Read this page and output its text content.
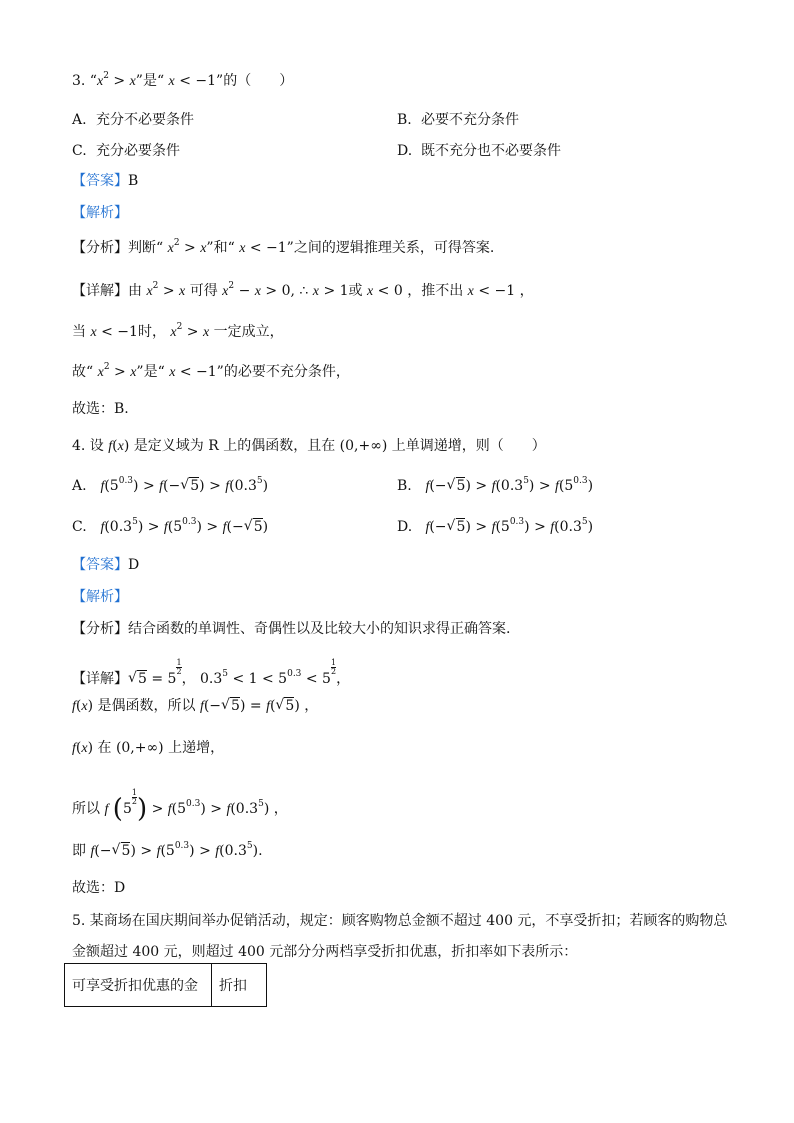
3. “$x^2 > x$”是“ x < −1”的（　　）
A. 充分不必要条件	B. 必要不充分条件
C. 充分必要条件	D. 既不充分也不必要条件
【答案】B
【解析】
【分析】判断“ $x^2 > x$”和“ x < −1”之间的逻辑推理关系，可得答案.
【详解】由 $x^2 > x$ 可得 $x^2 - x > 0$, ∴ x > 1或 x < 0 ，推不出 x < −1 ，
当 x < −1时， $x^2 > x$ 一定成立，
故“ $x^2 > x$”是“ x < −1”的必要不充分条件，
故选：B.
4. 设 f(x) 是定义域为 R 上的偶函数，且在 (0,+∞) 上单调递增，则（　　）
A. $f(5^{0.3}) > f(-√$ $5) > f(0.3^5)$	B. f(−√ $5) > f(0.3^5) > f(5^{0.3})$
C. $f(0.3^5) > f(5^{0.3}) > f(-√$ 5)	D. f(−√ $5) > f(5^{0.3}) > f(0.3^5)$
【答案】D
【解析】
【分析】结合函数的单调性、奇偶性以及比较大小的知识求得正确答案.
【详解】√ 5 = 5
$\frac{1}{2}$
， $0.3^5 < 1 < 5^{0.3} < 5$
$\frac{1}{2}$
，
f(x) 是偶函数，所以 f(−√ 5) = f(√ 5) ，
f(x) 在 (0,+∞) 上递增，
所以 f (5
$\frac{1}{2}$ ) > $f(5^{0.3}) > f(0.3^5)$ ，
即 f(−√ $5) > f(5^{0.3}) > f(0.3^5)$.
故选：D
5. 某商场在国庆期间举办促销活动，规定：顾客购物总金额不超过 400 元，不享受折扣；若顾客的购物总
金额超过 400 元，则超过 400 元部分分两档享受折扣优惠，折扣率如下表所示：
可享受折扣优惠的金	折扣
